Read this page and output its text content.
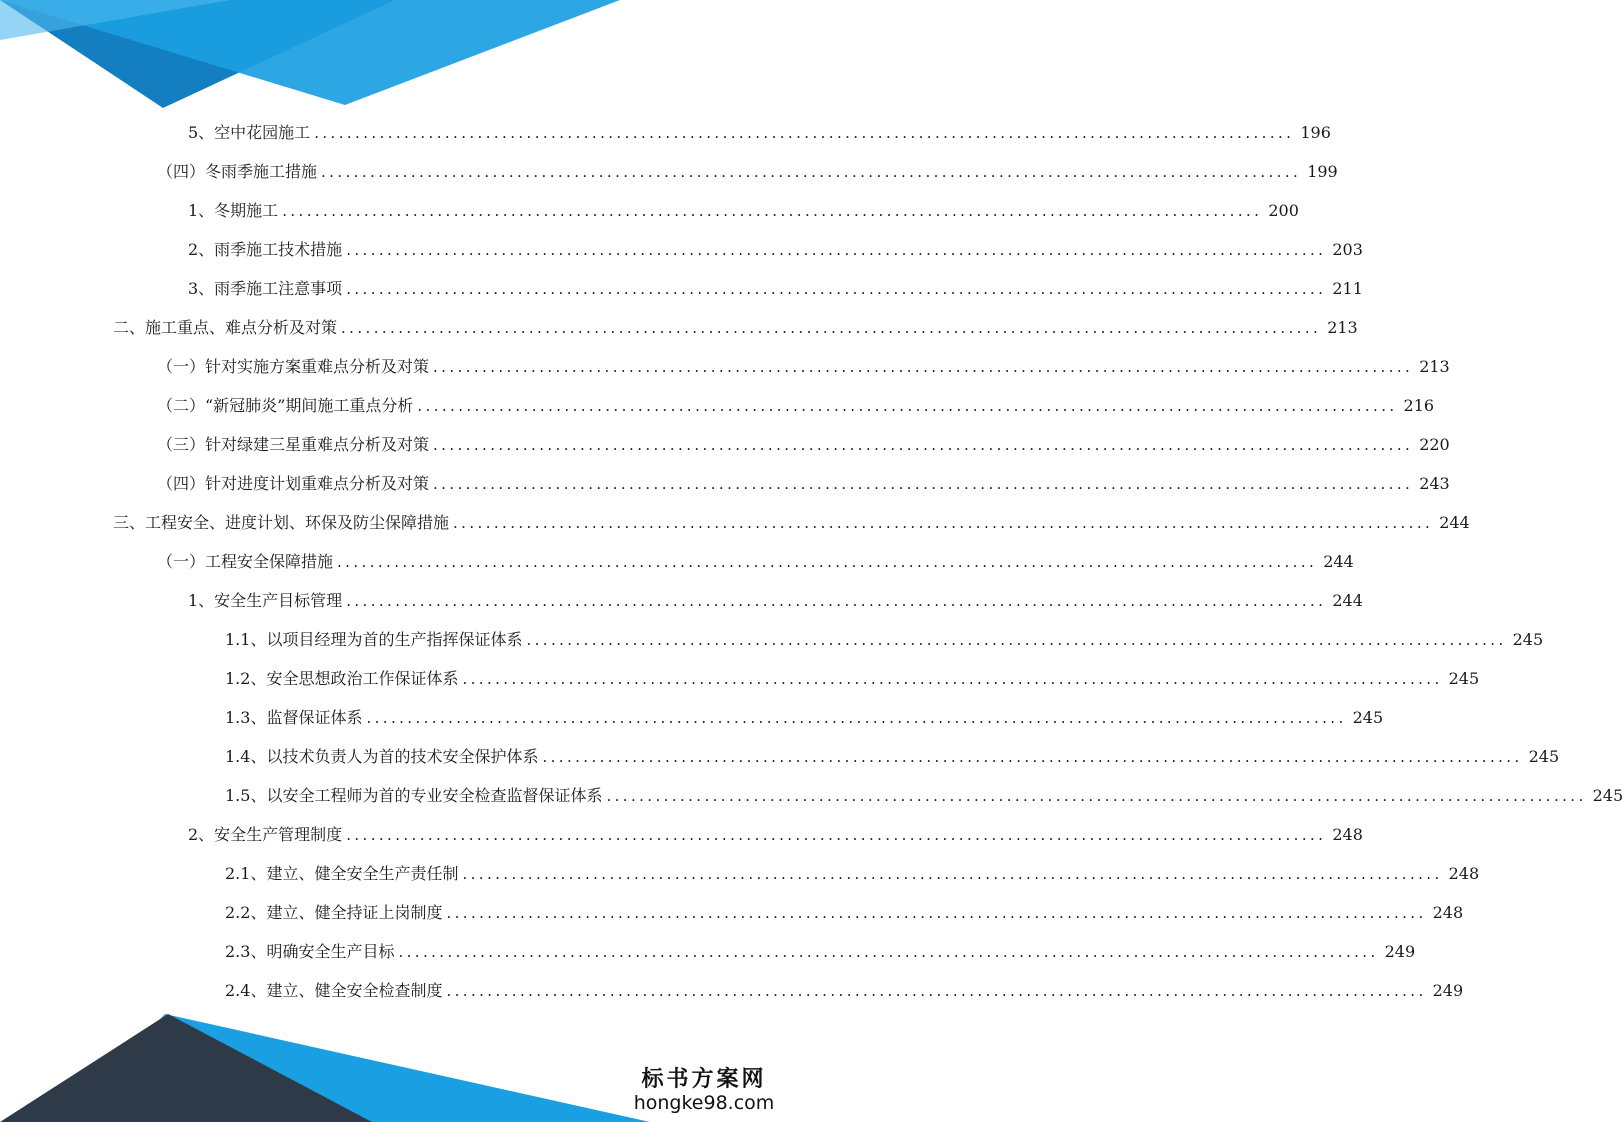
5、空中花园施工 ........................................................................................................................ 196
（四）冬雨季施工措施 ........................................................................................................................ 199
1、冬期施工 ........................................................................................................................ 200
2、雨季施工技术措施 ........................................................................................................................ 203
3、雨季施工注意事项 ........................................................................................................................ 211
二、施工重点、难点分析及对策 ........................................................................................................................ 213
（一）针对实施方案重难点分析及对策 ........................................................................................................................ 213
（二）“新冠肺炎”期间施工重点分析 ........................................................................................................................ 216
（三）针对绿建三星重难点分析及对策 ........................................................................................................................ 220
（四）针对进度计划重难点分析及对策 ........................................................................................................................ 243
三、工程安全、进度计划、环保及防尘保障措施 ........................................................................................................................ 244
（一）工程安全保障措施 ........................................................................................................................ 244
1、安全生产目标管理 ........................................................................................................................ 244
1.1、以项目经理为首的生产指挥保证体系 ........................................................................................................................ 245
1.2、安全思想政治工作保证体系 ........................................................................................................................ 245
1.3、监督保证体系 ........................................................................................................................ 245
1.4、以技术负责人为首的技术安全保护体系 ........................................................................................................................ 245
1.5、以安全工程师为首的专业安全检查监督保证体系 ........................................................................................................................ 245
2、安全生产管理制度 ........................................................................................................................ 248
2.1、建立、健全安全生产责任制 ........................................................................................................................ 248
2.2、建立、健全持证上岗制度 ........................................................................................................................ 248
2.3、明确安全生产目标 ........................................................................................................................ 249
2.4、建立、健全安全检查制度 ........................................................................................................................ 249
标书方案网
hongke98.com
